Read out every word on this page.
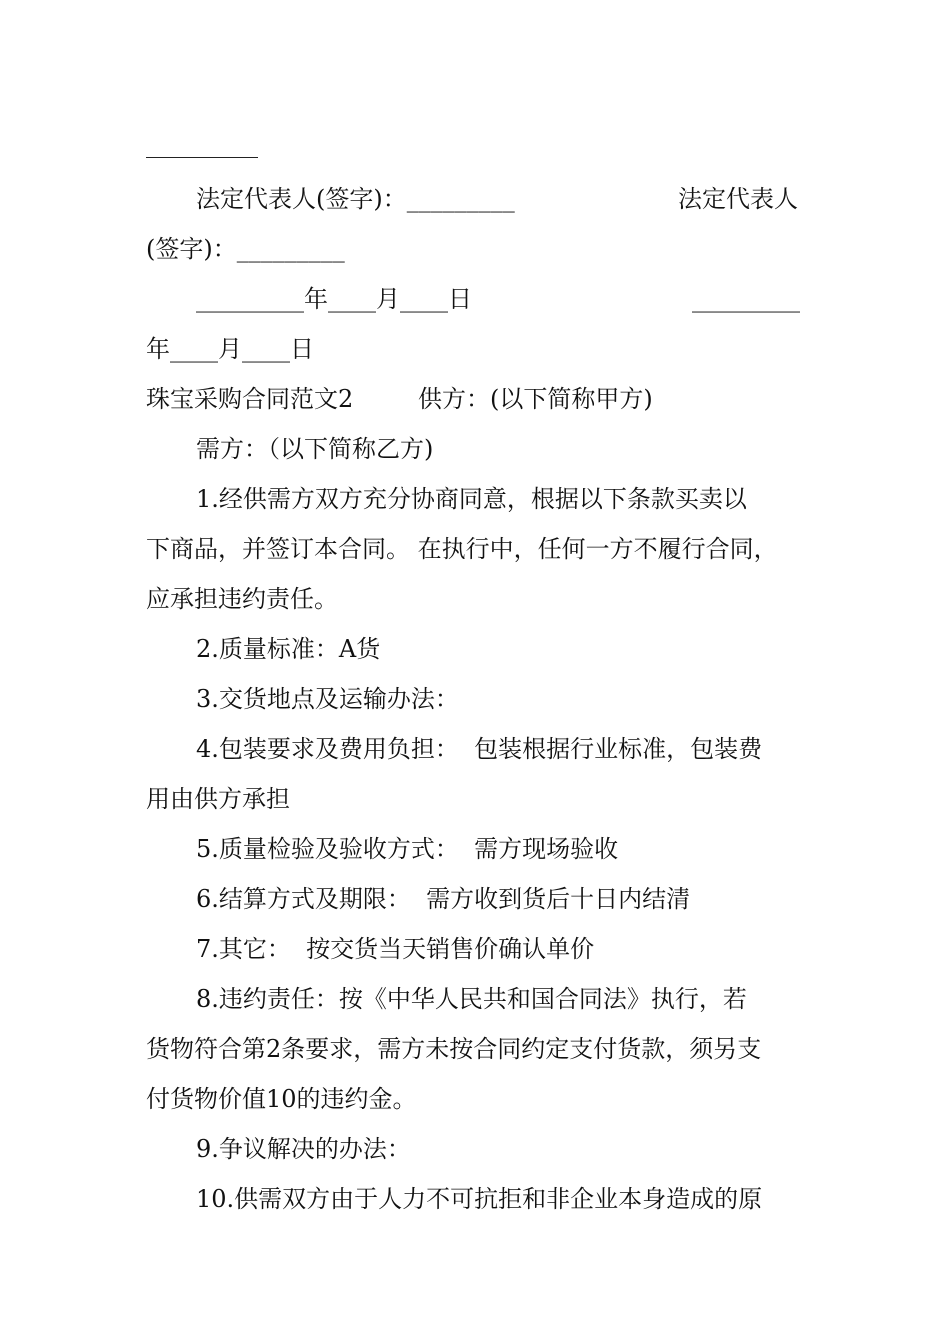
法定代表人(签字)：_________	法定代表人
(签字)：_________
_________年____月____日	_________
年____月____日
珠宝采购合同范文2	供方：(以下简称甲方)
需方：（以下简称乙方)
1.经供需方双方充分协商同意，根据以下条款买卖以
下商品，并签订本合同。 在执行中，任何一方不履行合同，
应承担违约责任。
2.质量标准：A货
3.交货地点及运输办法：
4.包装要求及费用负担：  包装根据行业标准，包装费
用由供方承担
5.质量检验及验收方式：  需方现场验收
6.结算方式及期限：  需方收到货后十日内结清
7.其它：  按交货当天销售价确认单价
8.违约责任：按《中华人民共和国合同法》执行，若
货物符合第2条要求，需方未按合同约定支付货款，须另支
付货物价值10的违约金。
9.争议解决的办法：
10.供需双方由于人力不可抗拒和非企业本身造成的原
